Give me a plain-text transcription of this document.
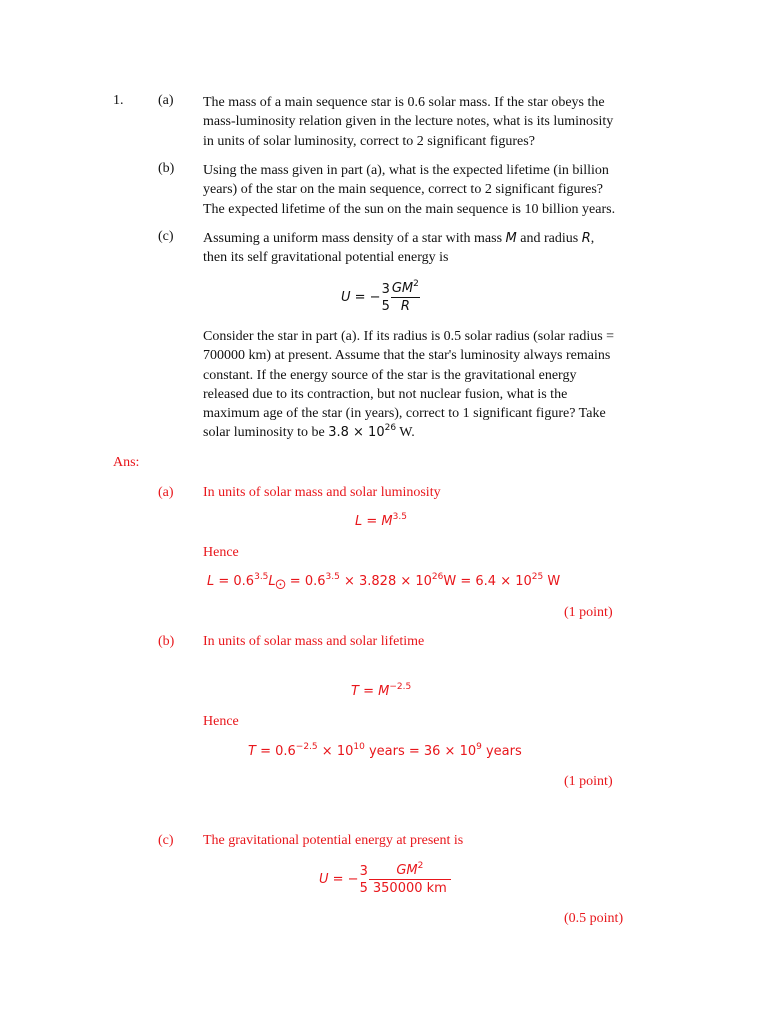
1. (a) The mass of a main sequence star is 0.6 solar mass. If the star obeys the
mass-luminosity relation given in the lecture notes, what is its luminosity
in units of solar luminosity, correct to 2 significant figures?
(b) Using the mass given in part (a), what is the expected lifetime (in billion
years) of the star on the main sequence, correct to 2 significant figures?
The expected lifetime of the sun on the main sequence is 10 billion years.
(c) Assuming a uniform mass density of a star with mass M and radius R,
then its self gravitational potential energy is
U = −
3
$5 \frac{GM^2}{R}$
Consider the star in part (a). If its radius is 0.5 solar radius (solar radius =
700000 km) at present. Assume that the star's luminosity always remains
constant. If the energy source of the star is the gravitational energy
released due to its contraction, but not nuclear fusion, what is the
maximum age of the star (in years), correct to 1 significant figure? Take
solar luminosity to be $3.8 \times 10^{26}$ W.
Ans:
(a) In units of solar mass and solar luminosity
$L = M^{3.5}$
Hence
$L = 0.6^{3.5}L⨀ = 0.6^{3.5} \times 3.828 \times 10^{26}W = 6.4 \times 10^{25}$ W
(1 point)
(b) In units of solar mass and solar lifetime
$T = M^{-2.5}$
Hence
$T = 0.6^{-2.5} \times 10^{10}$ years = $36 \times 10^9$ years
(1 point)
(c) The gravitational potential energy at present is
U = −
3
$5 \frac{GM^2}{350000 km}$
(0.5 point)
